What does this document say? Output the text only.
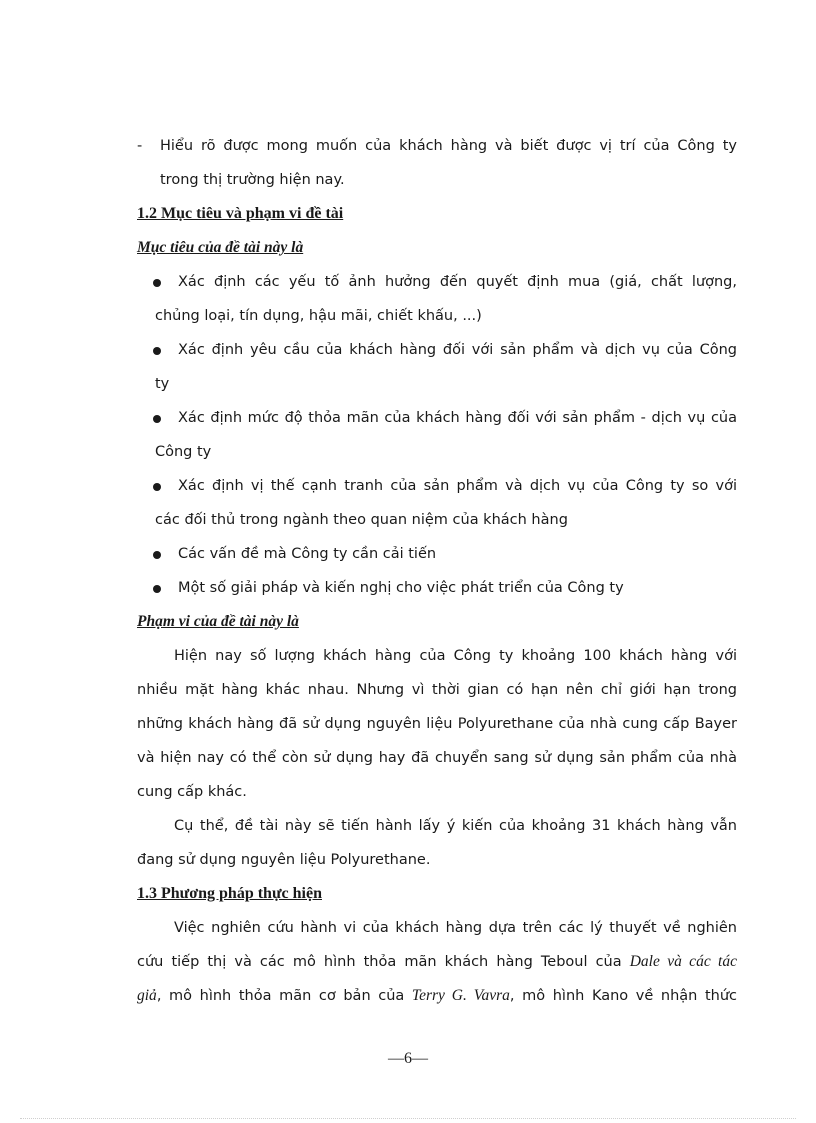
- Hiểu rõ được mong muốn của khách hàng và biết được vị trí của Công ty
trong thị trường hiện nay.
1.2 Mục tiêu và phạm vi đề tài
Mục tiêu của đề tài này là
Xác định các yếu tố ảnh hưởng đến quyết định mua (giá, chất lượng,
chủng loại, tín dụng, hậu mãi, chiết khấu, ...)
Xác định yêu cầu của khách hàng đối với sản phẩm và dịch vụ của Công
ty
Xác định mức độ thỏa mãn của khách hàng đối với sản phẩm - dịch vụ của
Công ty
Xác định vị thế cạnh tranh của sản phẩm và dịch vụ của Công ty so với
các đối thủ trong ngành theo quan niệm của khách hàng
Các vấn đề mà Công ty cần cải tiến
Một số giải pháp và kiến nghị cho việc phát triển của Công ty
Phạm vi của đề tài này là
Hiện nay số lượng khách hàng của Công ty khoảng 100 khách hàng với
nhiều mặt hàng khác nhau. Nhưng vì thời gian có hạn nên chỉ giới hạn trong
những khách hàng đã sử dụng nguyên liệu Polyurethane của nhà cung cấp Bayer
và hiện nay có thể còn sử dụng hay đã chuyển sang sử dụng sản phẩm của nhà
cung cấp khác.
Cụ thể, đề tài này sẽ tiến hành lấy ý kiến của khoảng 31 khách hàng vẫn
đang sử dụng nguyên liệu Polyurethane.
1.3 Phương pháp thực hiện
Việc nghiên cứu hành vi của khách hàng dựa trên các lý thuyết về nghiên
cứu tiếp thị và các mô hình thỏa mãn khách hàng Teboul của Dale và các tác
giả, mô hình thỏa mãn cơ bản của Terry G. Vavra, mô hình Kano về nhận thức
—6—
